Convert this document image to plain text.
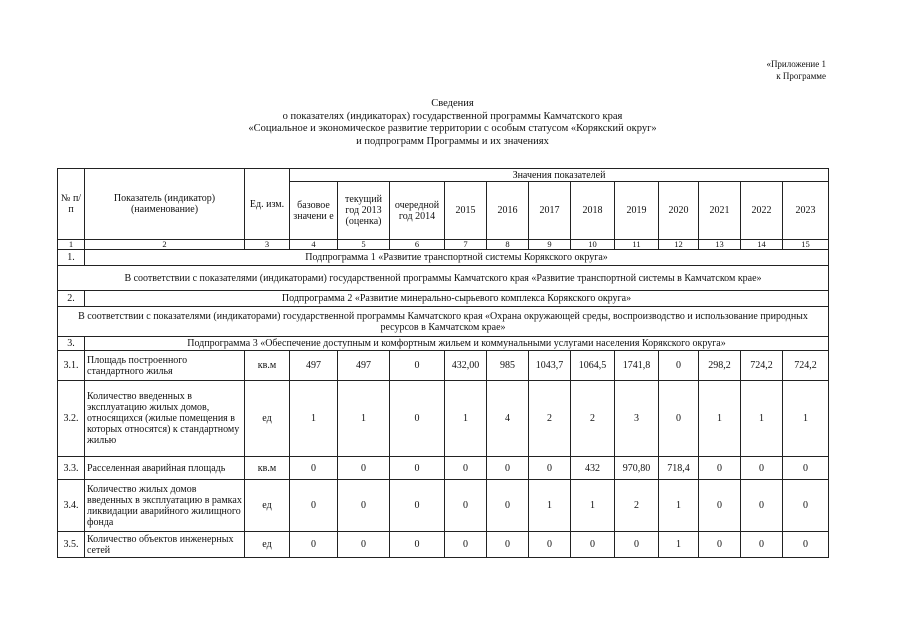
«Приложение 1
к Программе
Сведения
о показателях (индикаторах) государственной программы Камчатского края
«Социальное и экономическое развитие территории с особым статусом «Корякский округ»
и подпрограмм Программы и их значениях
№ п/п	Показатель (индикатор) (наименование)	Ед. изм.	Значения показателей											
			базовое значени е	текущий год 2013 (оценка)	очередной год 2014	2015	2016	2017	2018	2019	2020	2021	2022	2023
1	2	3	4	5	6	7	8	9	10	11	12	13	14	15
1.	Подпрограмма 1 «Развитие транспортной системы Корякского округа»													
В соответствии с показателями (индикаторами) государственной программы Камчатского края «Развитие транспортной системы в Камчатском крае»														
2.	Подпрограмма 2 «Развитие минерально-сырьевого комплекса Корякского округа»													
В соответствии с показателями (индикаторами) государственной программы Камчатского края «Охрана окружающей среды, воспроизводство и использование природных ресурсов в Камчатском крае»														
3.	Подпрограмма 3 «Обеспечение доступным и комфортным жильем и коммунальными услугами населения Корякского округа»													
3.1.	Площадь построенного стандартного жилья	кв.м	497	497	0	432,00	985	1043,7	1064,5	1741,8	0	298,2	724,2	724,2
3.2.	Количество введенных в эксплуатацию жилых домов, относящихся (жилые помещения в которых относятся) к стандартному жилью	ед	1	1	0	1	4	2	2	3	0	1	1	1
3.3.	Расселенная аварийная площадь	кв.м	0	0	0	0	0	0	432	970,80	718,4	0	0	0
3.4.	Количество жилых домов введенных в эксплуатацию в рамках ликвидации аварийного жилищного фонда	ед	0	0	0	0	0	1	1	2	1	0	0	0
3.5.	Количество объектов инженерных сетей	ед	0	0	0	0	0	0	0	0	1	0	0	0
